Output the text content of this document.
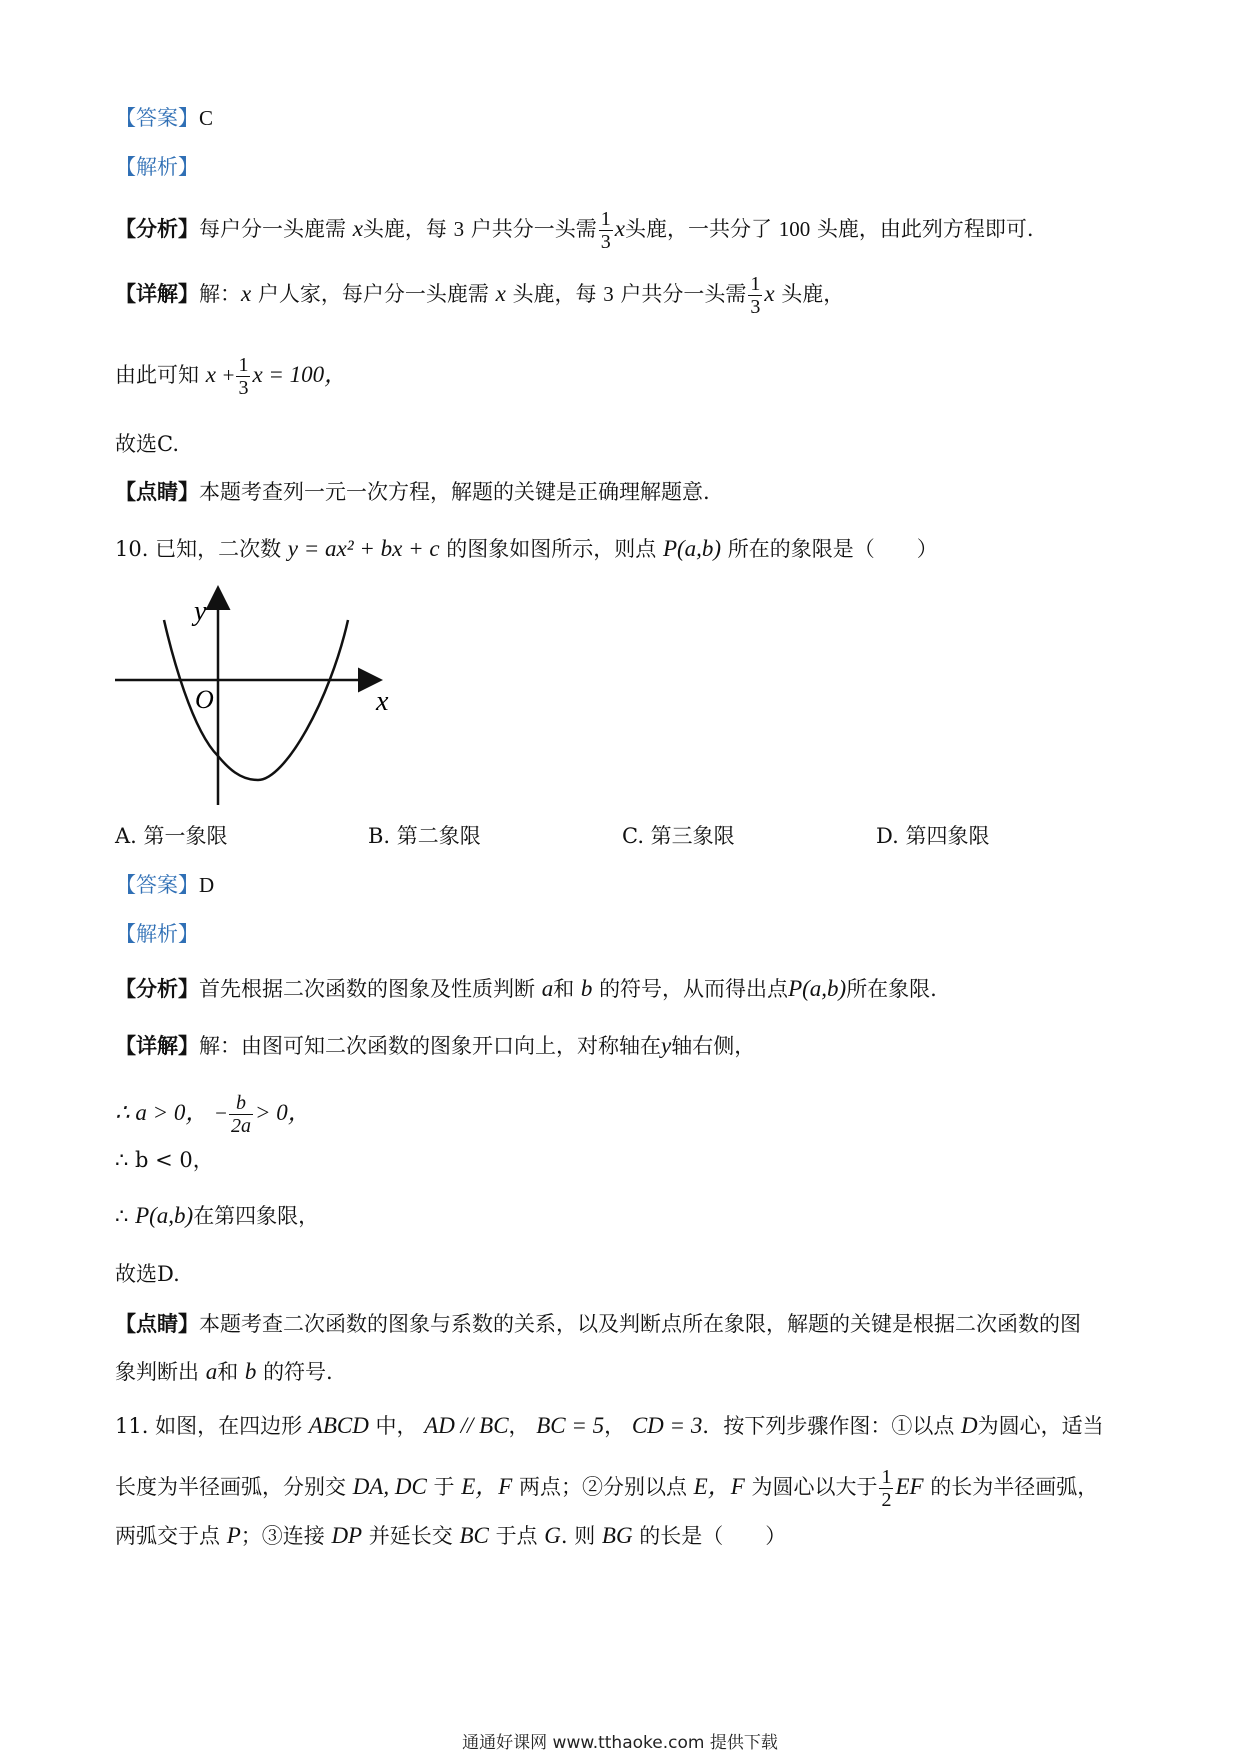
【答案】C
【解析】
【分析】每户分一头鹿需 x头鹿，每 3 户共分一头需 $\frac{1}{3}$ x头鹿，一共分了 100 头鹿，由此列方程即可.
【详解】解：x 户人家，每户分一头鹿需 x 头鹿，每 3 户共分一头需 $\frac{1}{3}$ x 头鹿，
由此可知 $x + \frac{1}{3}$ x = 100，
故选C.
【点睛】本题考查列一元一次方程，解题的关键是正确理解题意.
10. 已知，二次数 y = ax² + bx + c 的图象如图所示，则点 P(a,b) 所在的象限是（　　）
y
x
O
A. 第一象限	B. 第二象限	C. 第三象限	D. 第四象限
【答案】D
【解析】
【分析】首先根据二次函数的图象及性质判断 a和 b 的符号，从而得出点P(a,b)所在象限.
【详解】解：由图可知二次函数的图象开口向上，对称轴在y轴右侧，
∴ a > 0， − $\frac{b}{2a} > 0$，
∴ b < 0，
∴ P(a,b)在第四象限，
故选D.
【点睛】本题考查二次函数的图象与系数的关系，以及判断点所在象限，解题的关键是根据二次函数的图
象判断出 a和 b 的符号.
11. 如图，在四边形 ABCD 中， AD // BC， BC = 5， CD = 3．按下列步骤作图：①以点 D为圆心，适当
长度为半径画弧，分别交 DA, DC 于 E，F 两点；②分别以点 E，F 为圆心以大于 $\frac{1}{2}$ EF 的长为半径画弧，
两弧交于点 P；③连接 DP 并延长交 BC 于点 G. 则 BG 的长是（　　）
通通好课网 www.tthaoke.com 提供下载
